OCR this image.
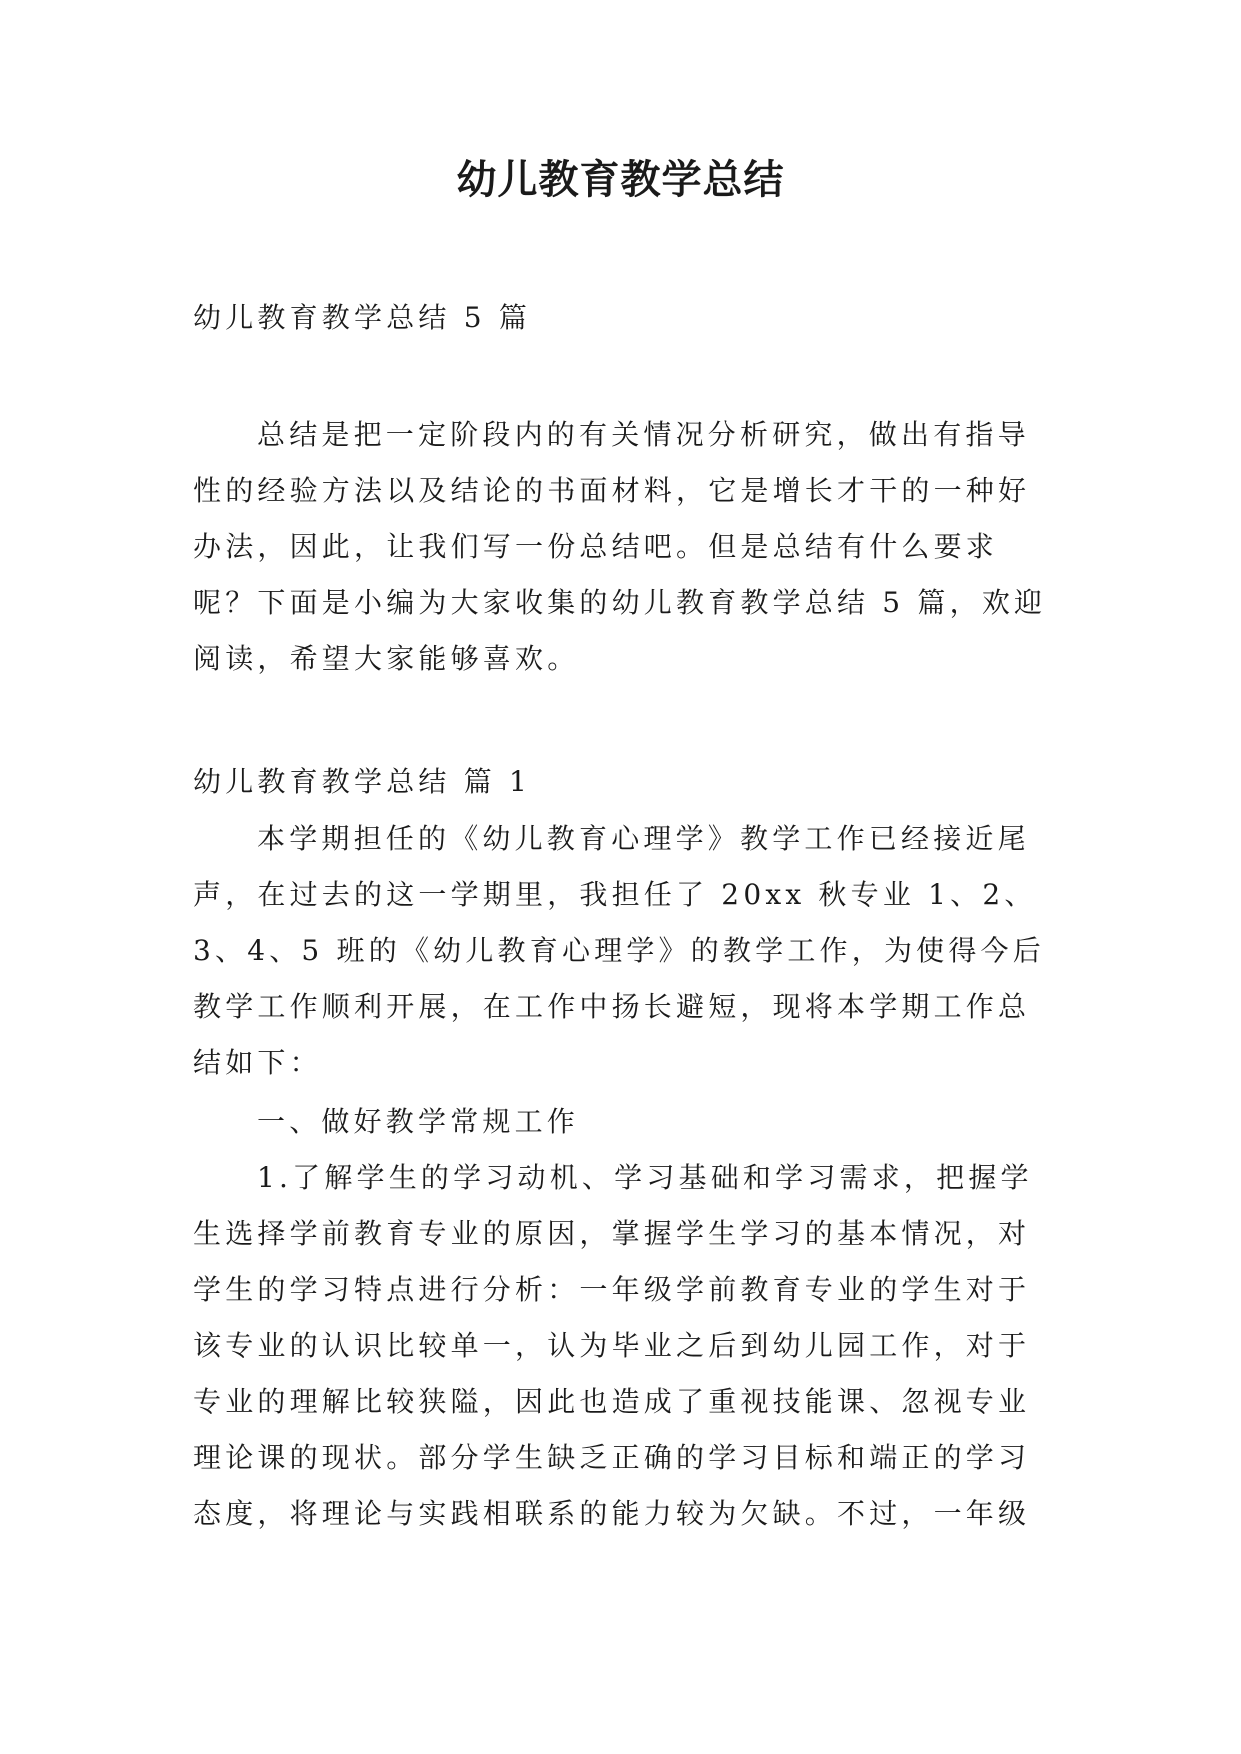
幼儿教育教学总结

幼儿教育教学总结 5 篇

总结是把一定阶段内的有关情况分析研究，做出有指导性的经验方法以及结论的书面材料，它是增长才干的一种好办法，因此，让我们写一份总结吧。但是总结有什么要求呢？下面是小编为大家收集的幼儿教育教学总结 5 篇，欢迎阅读，希望大家能够喜欢。

幼儿教育教学总结 篇 1

本学期担任的《幼儿教育心理学》教学工作已经接近尾声，在过去的这一学期里，我担任了 20xx 秋专业 1、2、3、4、5 班的《幼儿教育心理学》的教学工作，为使得今后教学工作顺利开展，在工作中扬长避短，现将本学期工作总结如下：

一、做好教学常规工作

1.了解学生的学习动机、学习基础和学习需求，把握学生选择学前教育专业的原因，掌握学生学习的基本情况，对学生的学习特点进行分析：一年级学前教育专业的学生对于该专业的认识比较单一，认为毕业之后到幼儿园工作，对于专业的理解比较狭隘，因此也造成了重视技能课、忽视专业理论课的现状。部分学生缺乏正确的学习目标和端正的学习态度，将理论与实践相联系的能力较为欠缺。不过，一年级
